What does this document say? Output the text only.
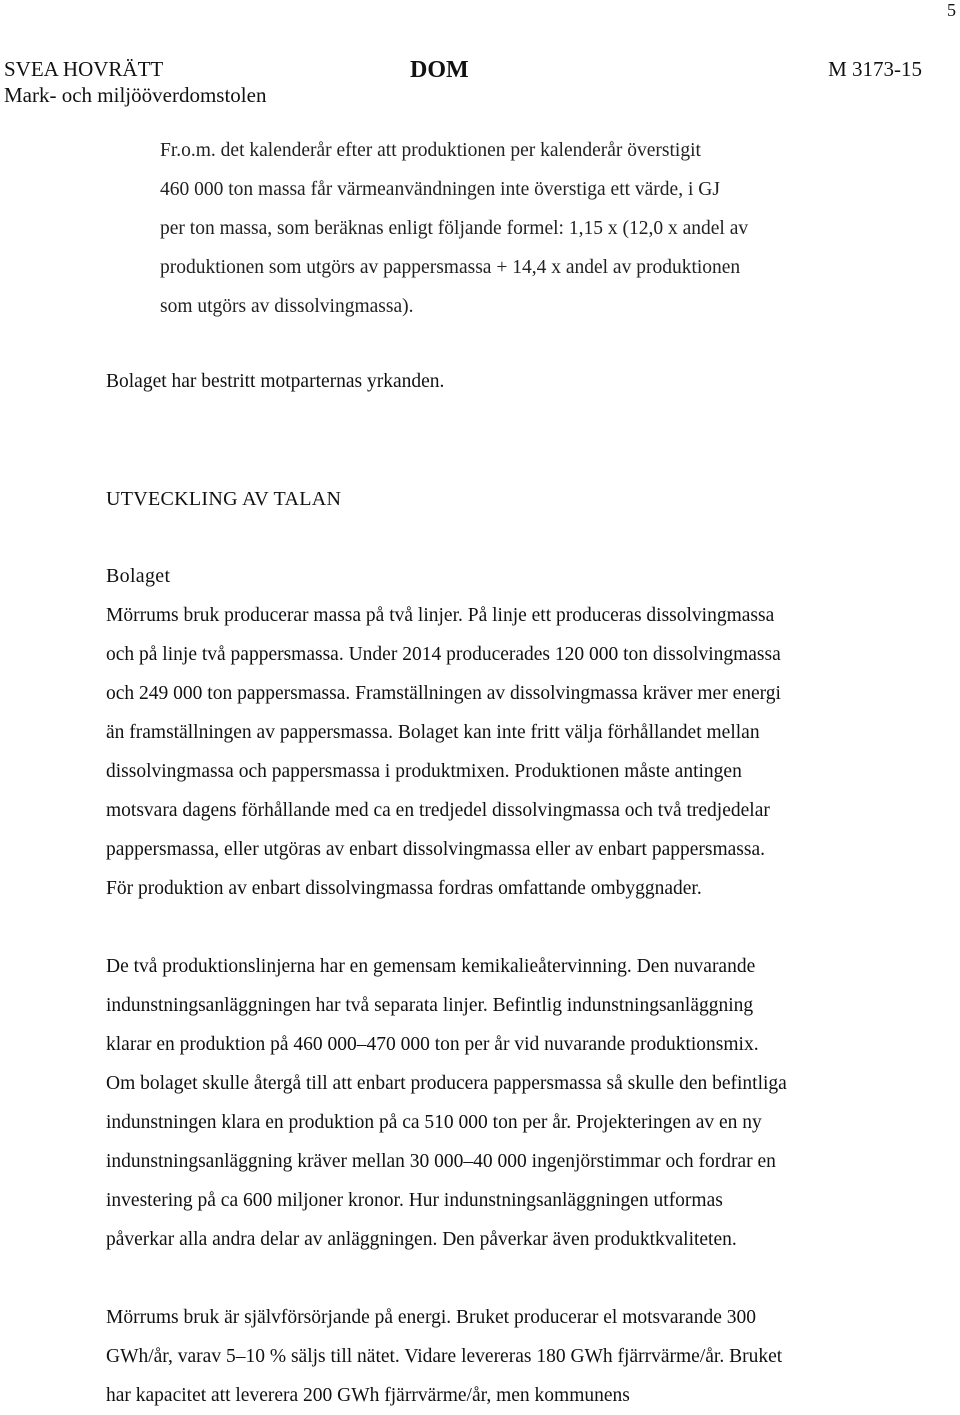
5
SVEA HOVRÄTT
Mark- och miljööverdomstolen
DOM	M 3173-15

Fr.o.m. det kalenderår efter att produktionen per kalenderår överstigit

460 000 ton massa får värmeanvändningen inte överstiga ett värde, i GJ

per ton massa, som beräknas enligt följande formel: 1,15 x (12,0 x andel av

produktionen som utgörs av pappersmassa + 14,4 x andel av produktionen

som utgörs av dissolvingmassa).

Bolaget har bestritt motparternas yrkanden.
UTVECKLING AV TALAN
Bolaget
Mörrums bruk producerar massa på två linjer. På linje ett produceras dissolvingmassa
och på linje två pappersmassa. Under 2014 producerades 120 000 ton dissolvingmassa
och 249 000 ton pappersmassa. Framställningen av dissolvingmassa kräver mer energi
än framställningen av pappersmassa. Bolaget kan inte fritt välja förhållandet mellan
dissolvingmassa och pappersmassa i produktmixen. Produktionen måste antingen
motsvara dagens förhållande med ca en tredjedel dissolvingmassa och två tredjedelar
pappersmassa, eller utgöras av enbart dissolvingmassa eller av enbart pappersmassa.
För produktion av enbart dissolvingmassa fordras omfattande ombyggnader.
De två produktionslinjerna har en gemensam kemikalieåtervinning. Den nuvarande
indunstningsanläggningen har två separata linjer. Befintlig indunstningsanläggning
klarar en produktion på 460 000–470 000 ton per år vid nuvarande produktionsmix.
Om bolaget skulle återgå till att enbart producera pappersmassa så skulle den befintliga
indunstningen klara en produktion på ca 510 000 ton per år. Projekteringen av en ny
indunstningsanläggning kräver mellan 30 000–40 000 ingenjörstimmar och fordrar en
investering på ca 600 miljoner kronor. Hur indunstningsanläggningen utformas
påverkar alla andra delar av anläggningen. Den påverkar även produktkvaliteten.
Mörrums bruk är självförsörjande på energi. Bruket producerar el motsvarande 300
GWh/år, varav 5–10 % säljs till nätet. Vidare levereras 180 GWh fjärrvärme/år. Bruket
har kapacitet att leverera 200 GWh fjärrvärme/år, men kommunens
